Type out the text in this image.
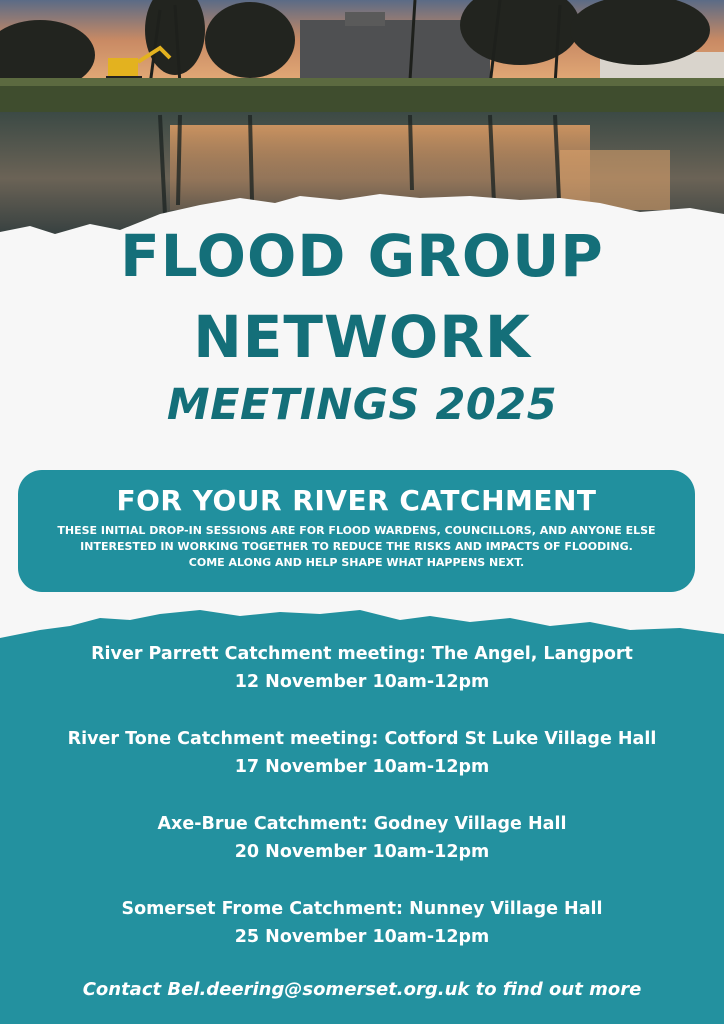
FLOOD GROUP
NETWORK
MEETINGS 2025

FOR YOUR RIVER CATCHMENT

THESE INITIAL DROP-IN SESSIONS ARE FOR FLOOD WARDENS, COUNCILLORS, AND ANYONE ELSE
INTERESTED IN WORKING TOGETHER TO REDUCE THE RISKS AND IMPACTS OF FLOODING.
COME ALONG AND HELP SHAPE WHAT HAPPENS NEXT.

River Parrett Catchment meeting: The Angel, Langport
12 November 10am-12pm
River Tone Catchment meeting: Cotford St Luke Village Hall
17 November 10am-12pm
Axe-Brue Catchment: Godney Village Hall
20 November 10am-12pm
Somerset Frome Catchment: Nunney Village Hall
25 November 10am-12pm

Contact Bel.deering@somerset.org.uk to find out more
